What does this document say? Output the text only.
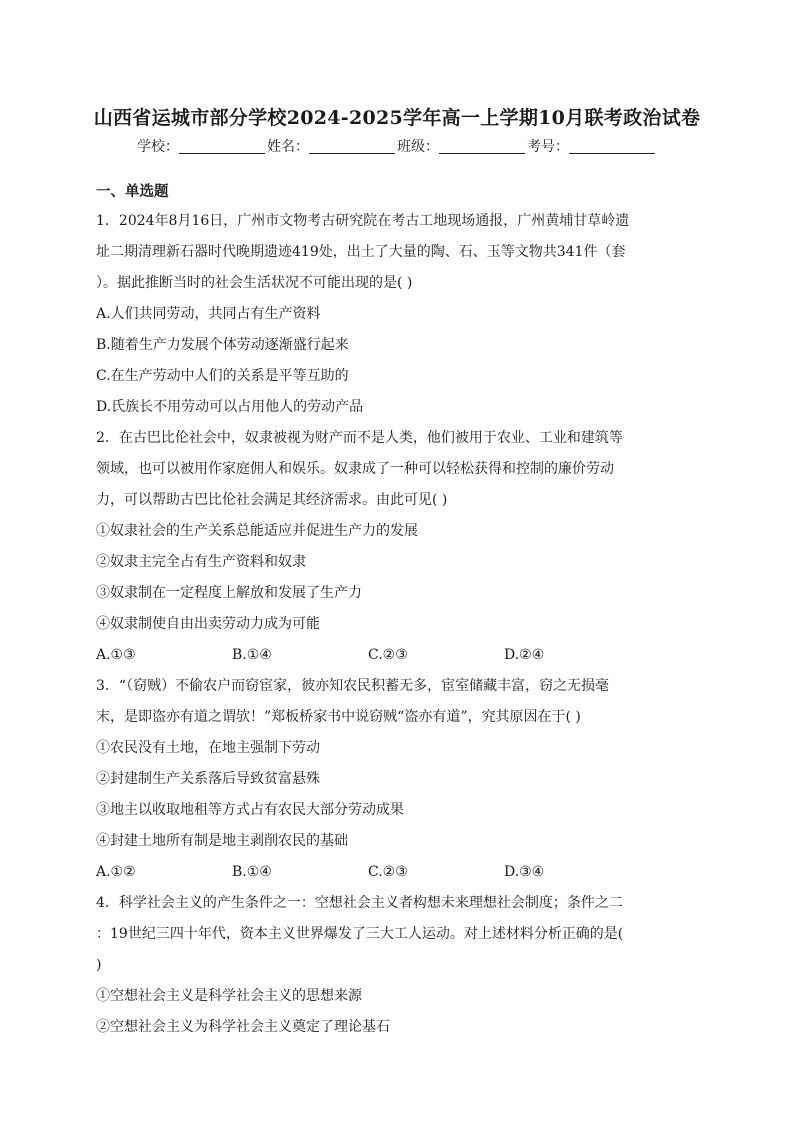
山西省运城市部分学校2024-2025学年高一上学期10月联考政治试卷
学校：	姓名：	班级：	考号：
一、单选题
1．2024年8月16日，广州市文物考古研究院在考古工地现场通报，广州黄埔甘草岭遗
址二期清理新石器时代晚期遗迹419处，出土了大量的陶、石、玉等文物共341件（套
）。据此推断当时的社会生活状况不可能出现的是( )
A.人们共同劳动，共同占有生产资料
B.随着生产力发展个体劳动逐渐盛行起来
C.在生产劳动中人们的关系是平等互助的
D.氏族长不用劳动可以占用他人的劳动产品
2．在古巴比伦社会中，奴隶被视为财产而不是人类，他们被用于农业、工业和建筑等
领域，也可以被用作家庭佣人和娱乐。奴隶成了一种可以轻松获得和控制的廉价劳动
力，可以帮助古巴比伦社会满足其经济需求。由此可见( )
①奴隶社会的生产关系总能适应并促进生产力的发展
②奴隶主完全占有生产资料和奴隶
③奴隶制在一定程度上解放和发展了生产力
④奴隶制使自由出卖劳动力成为可能
A.①③	B.①④	C.②③	D.②④
3．“（窃贼）不偷农户而窃宦家，彼亦知农民积蓄无多，宦室储藏丰富，窃之无损毫
末，是即盗亦有道之谓欤！”郑板桥家书中说窃贼“盗亦有道”，究其原因在于( )
①农民没有土地，在地主强制下劳动
②封建制生产关系落后导致贫富悬殊
③地主以收取地租等方式占有农民大部分劳动成果
④封建土地所有制是地主剥削农民的基础
A.①②	B.①④	C.②③	D.③④
4．科学社会主义的产生条件之一：空想社会主义者构想未来理想社会制度；条件之二
：19世纪三四十年代，资本主义世界爆发了三大工人运动。对上述材料分析正确的是(
)
①空想社会主义是科学社会主义的思想来源
②空想社会主义为科学社会主义奠定了理论基石
